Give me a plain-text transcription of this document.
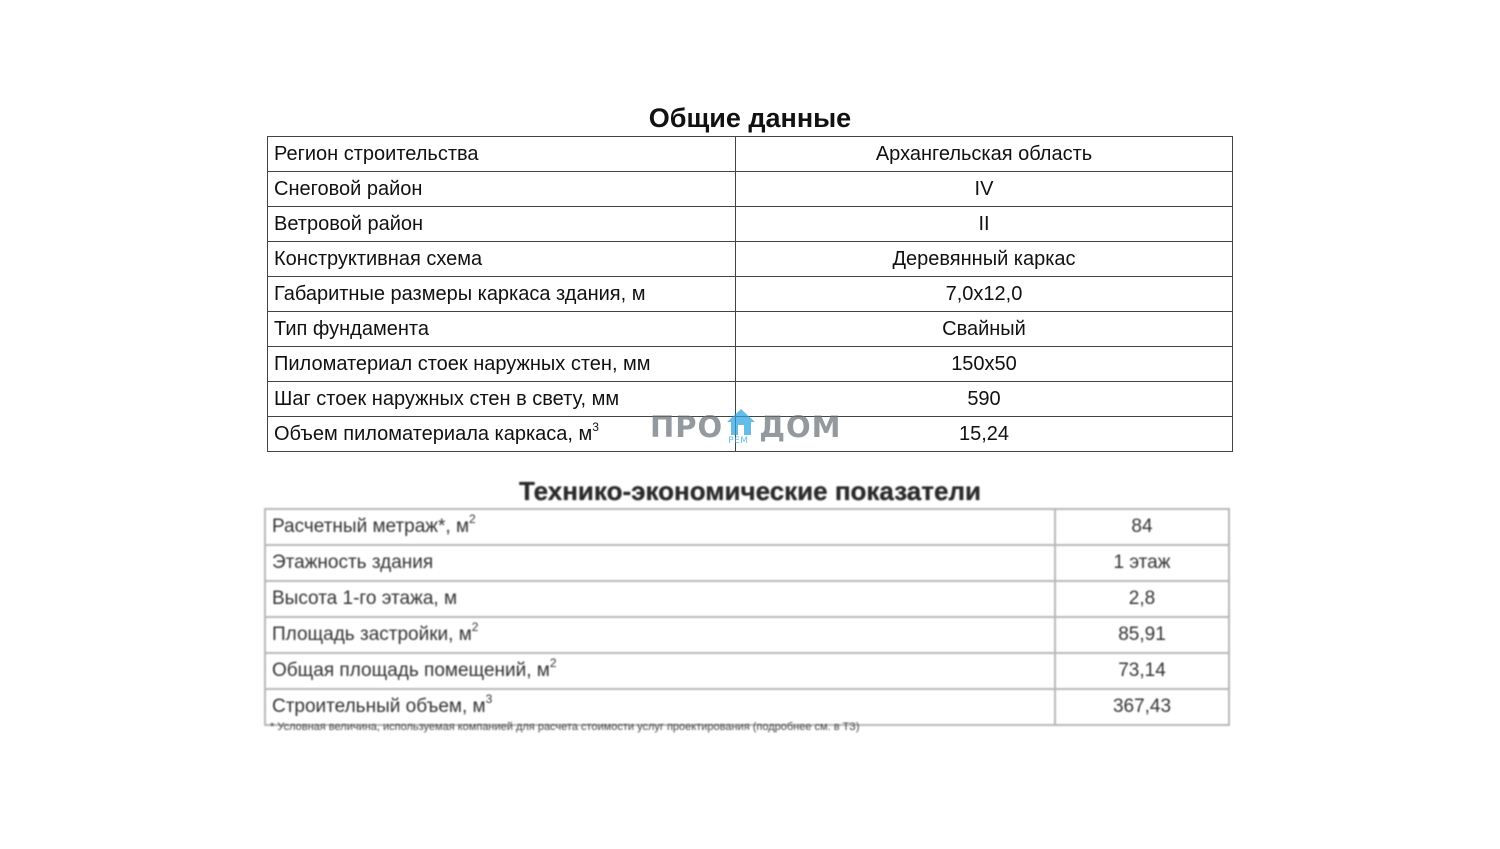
Общие данные
Регион строительства	Архангельская область
Снеговой район	IV
Ветровой район	II
Конструктивная схема	Деревянный каркас
Габаритные размеры каркаса здания, м	7,0x12,0
Тип фундамента	Свайный
Пиломатериал стоек наружных стен, мм	150x50
Шаг стоек наружных стен в свету, мм	590
Объем пиломатериала каркаса, $м^3$	15,24
Технико-экономические показатели
Расчетный метраж*, $м^2$	84
Этажность здания	1 этаж
Высота 1-го этажа, м	2,8
Площадь застройки, $м^2$	85,91
Общая площадь помещений, $м^2$	73,14
Строительный объем, $м^3$	367,43
* Условная величина, используемая компанией для расчета стоимости услуг проектирования (подробнее см. в ТЗ)
ПРО РЕМ ДОМ
